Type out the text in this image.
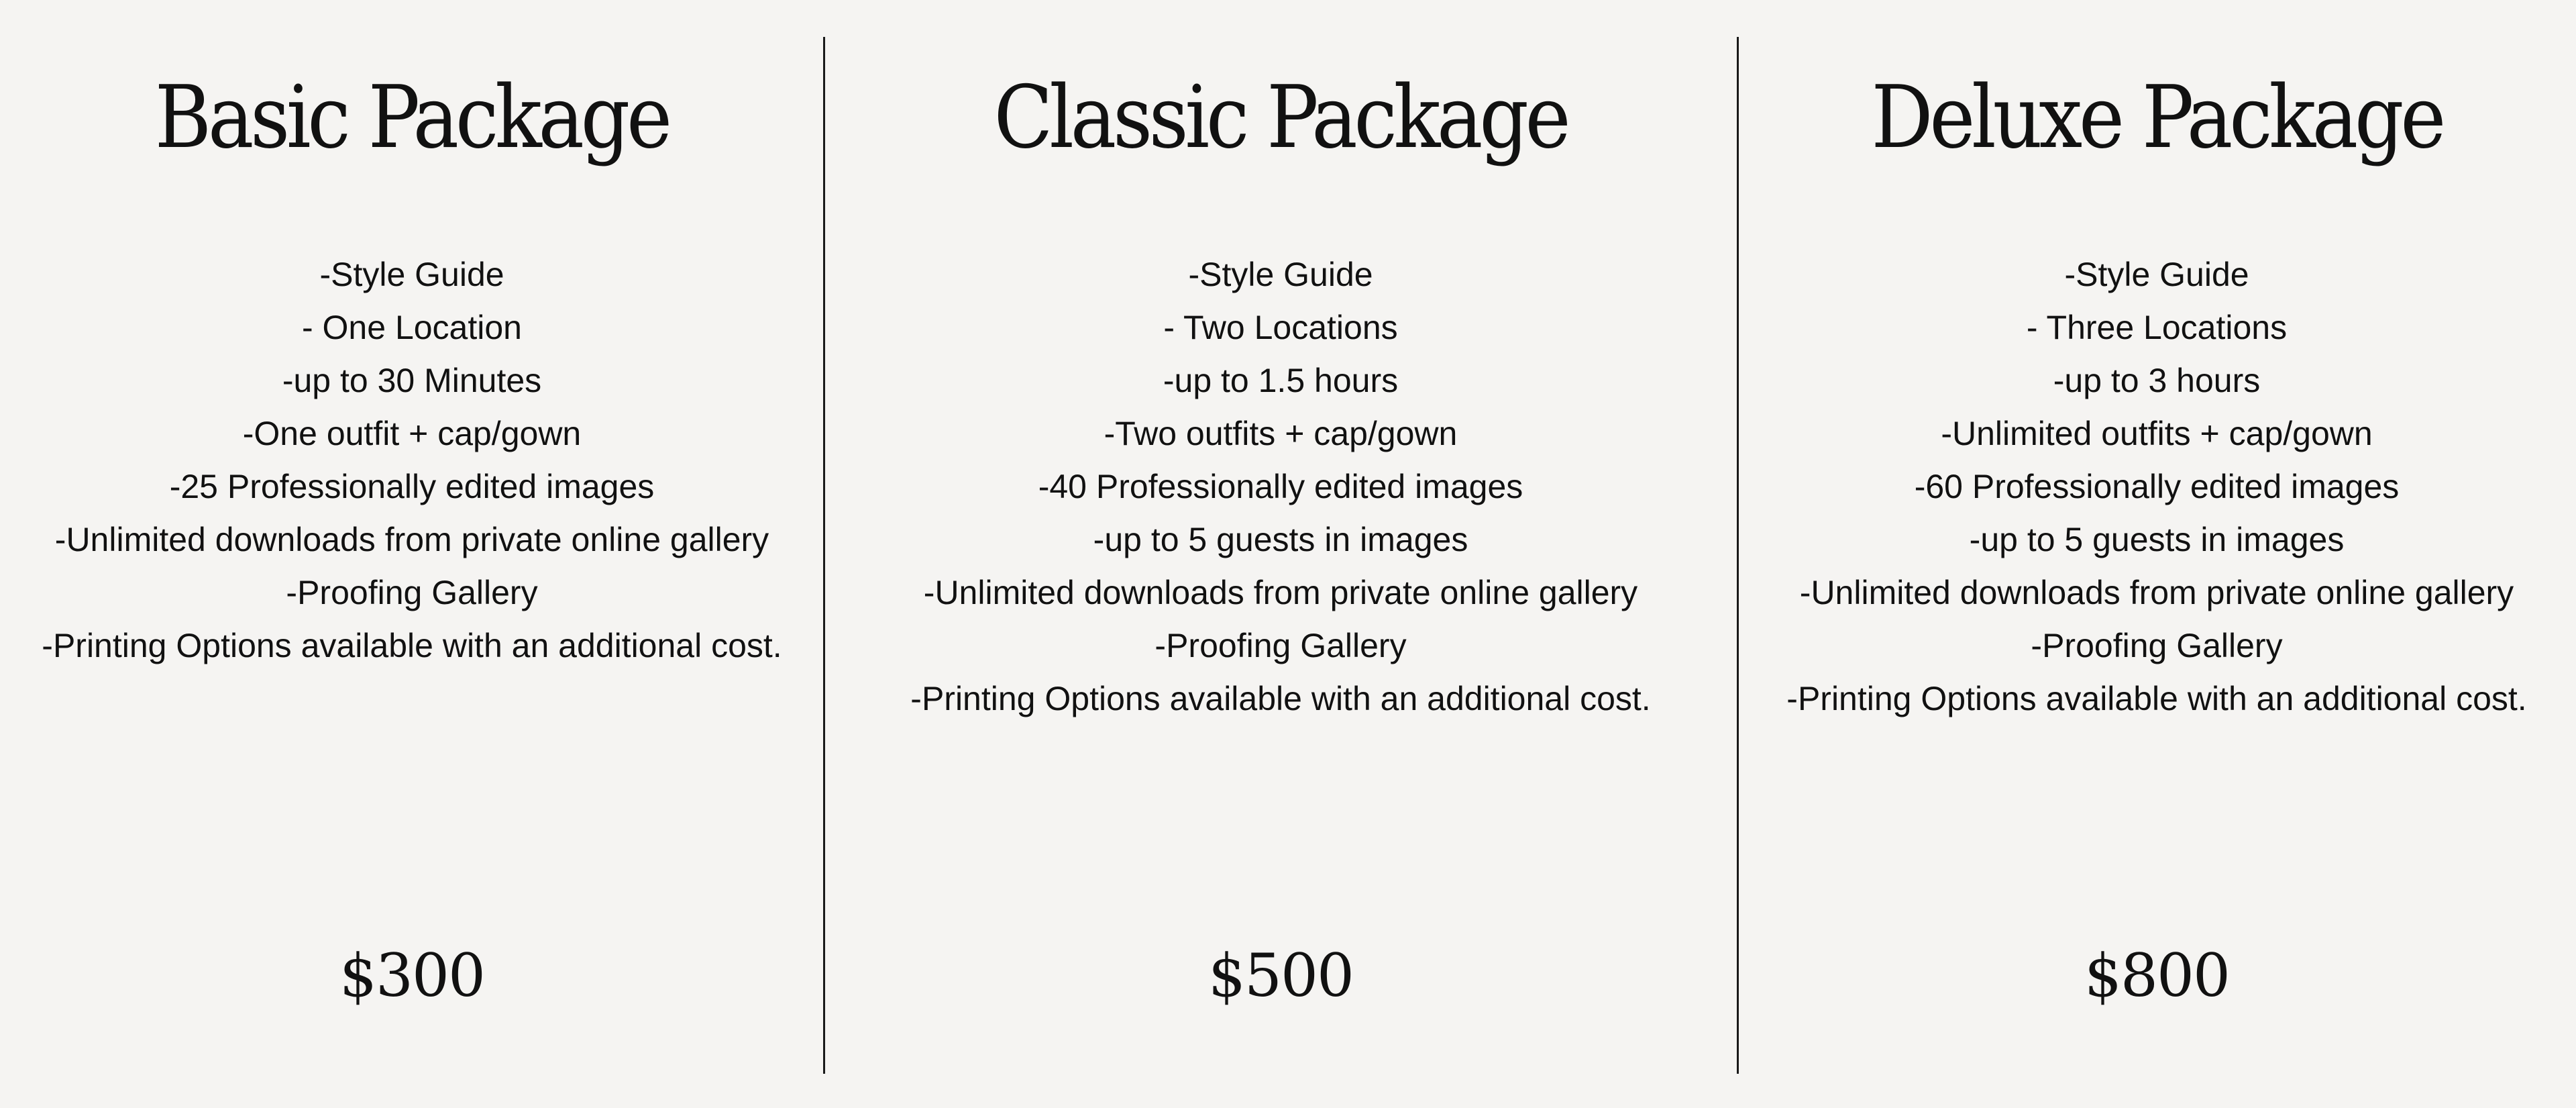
Basic Package
-Style Guide
- One Location
-up to 30 Minutes
-One outfit + cap/gown
-25 Professionally edited images
-Unlimited downloads from private online gallery
-Proofing Gallery
-Printing Options available with an additional cost.
$300
Classic Package
-Style Guide
- Two Locations
-up to 1.5 hours
-Two outfits + cap/gown
-40 Professionally edited images
-up to 5 guests in images
-Unlimited downloads from private online gallery
-Proofing Gallery
-Printing Options available with an additional cost.
$500
Deluxe Package
-Style Guide
- Three Locations
-up to 3 hours
-Unlimited outfits + cap/gown
-60 Professionally edited images
-up to 5 guests in images
-Unlimited downloads from private online gallery
-Proofing Gallery
-Printing Options available with an additional cost.
$800
